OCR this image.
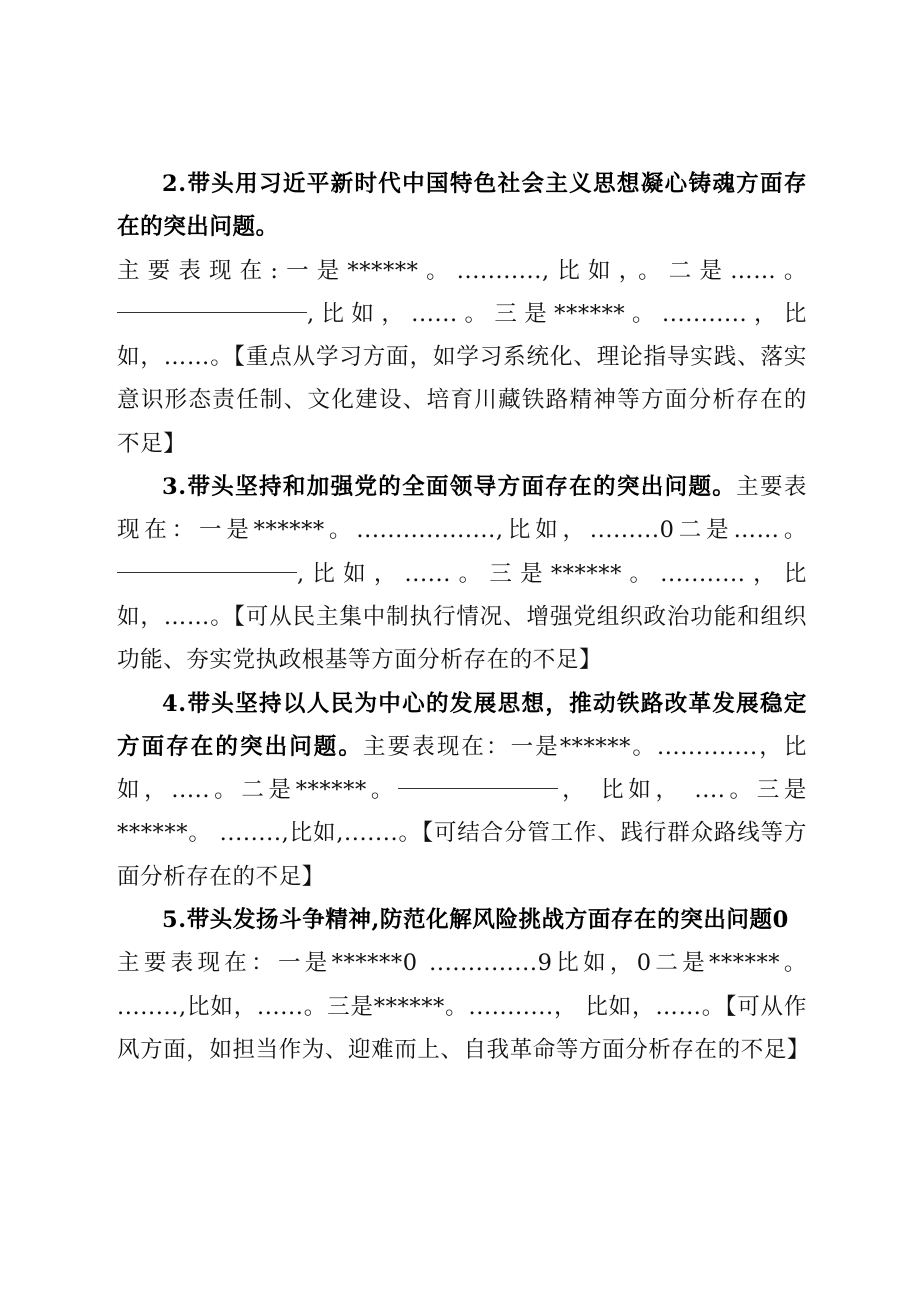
2.带头用习近平新时代中国特色社会主义思想凝心铸魂方面存在的突出问题。
主要表现在:一是******。...........,比如，。二是……。,比如，......。三是******。...........，比如，……。【重点从学习方面，如学习系统化、理论指导实践、落实意识形态责任制、文化建设、培育川藏铁路精神等方面分析存在的不足】

3.带头坚持和加强党的全面领导方面存在的突出问题。主要表现在：一是******。..................,比如，.........0二是……。,比如，......。三是******。...........，比如，……。【可从民主集中制执行情况、增强党组织政治功能和组织功能、夯实党执政根基等方面分析存在的不足】

4.带头坚持以人民为中心的发展思想，推动铁路改革发展稳定方面存在的突出问题。主要表现在：一是******。.............，比如，.....。二是******。	， 比如， ....。三是******。 ........,比如,.......。【可结合分管工作、践行群众路线等方面分析存在的不足】

5.带头发扬斗争精神,防范化解风险挑战方面存在的突出问题0
主要表现在：一是******0 ..............9比如，0二是******。 ........,比如，......。三是******。...........， 比如，……。【可从作风方面，如担当作为、迎难而上、自我革命等方面分析存在的不足】
